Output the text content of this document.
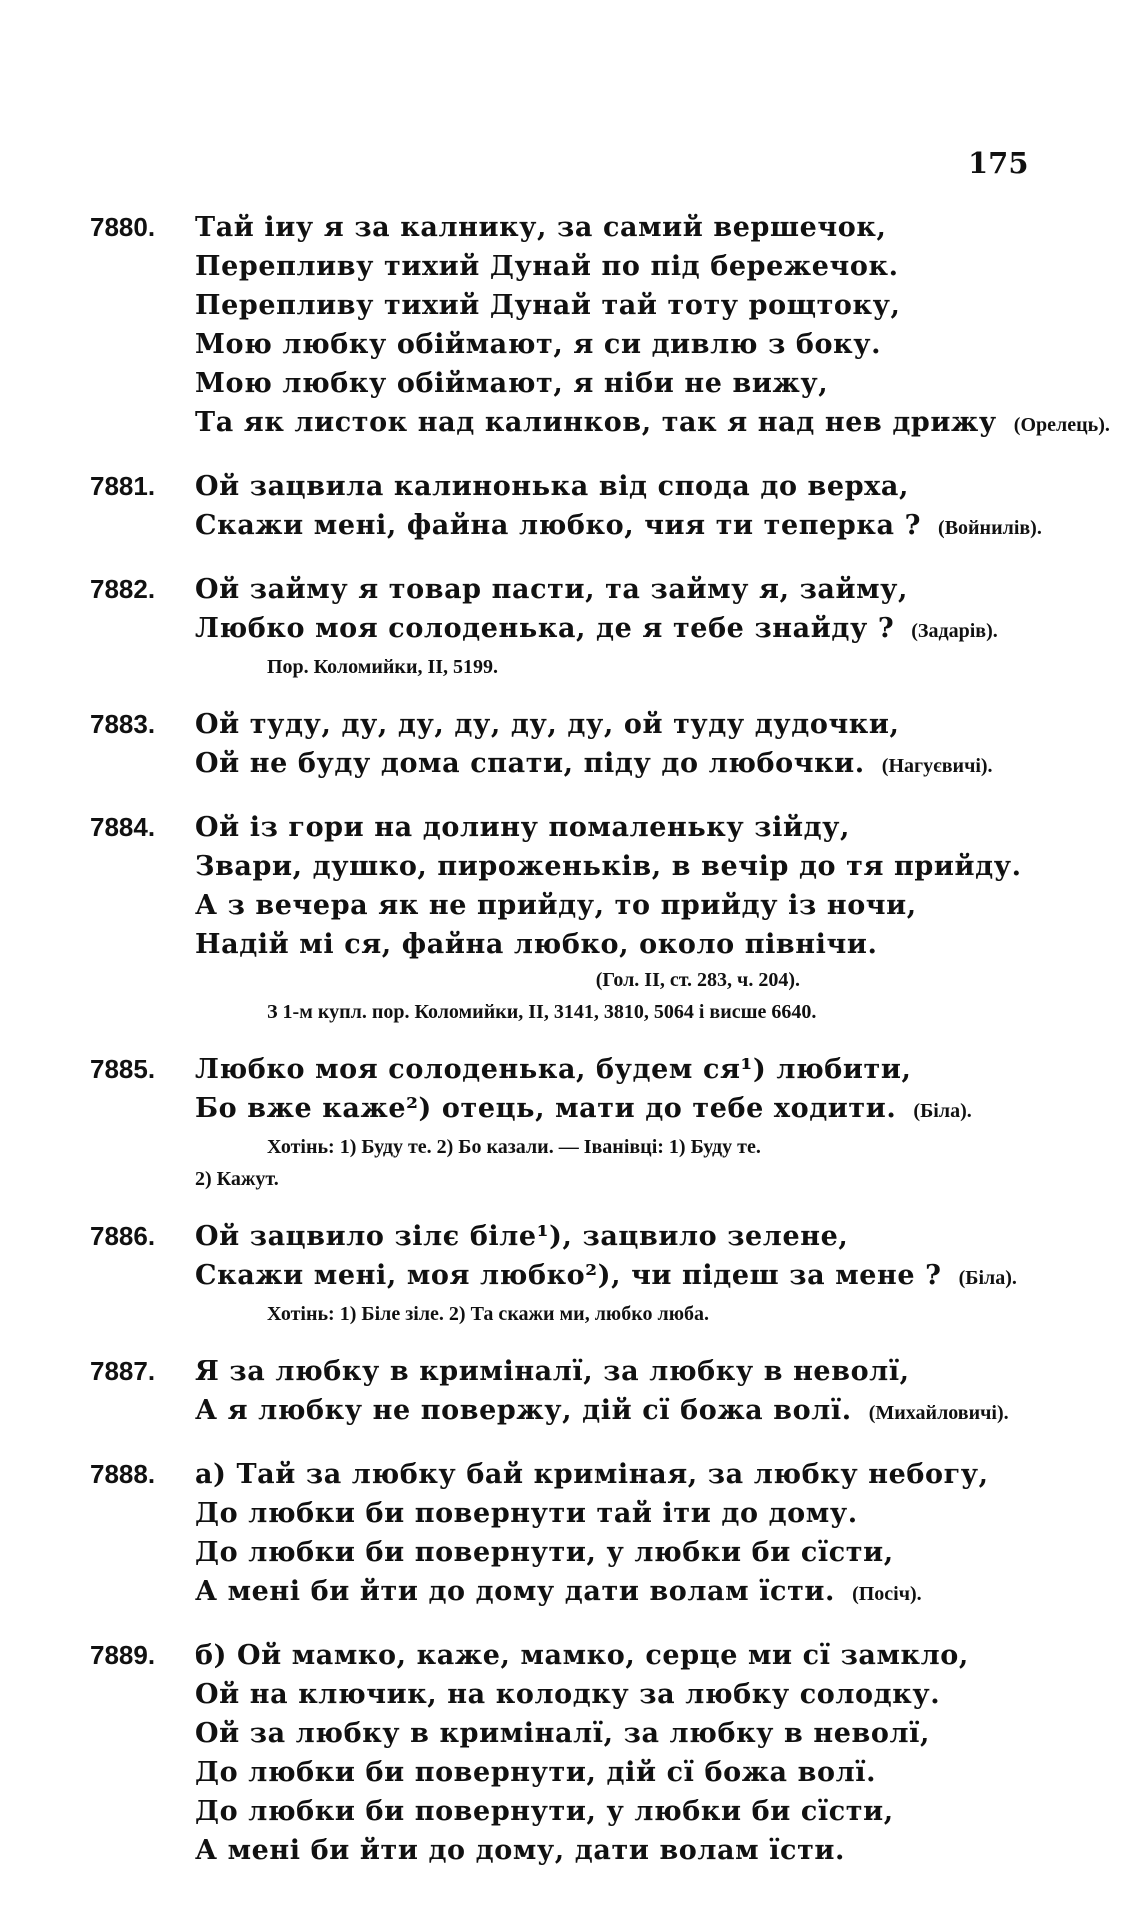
175
7880. Тай іиу я за калнику, за самий вершечок,
Перепливу тихий Дунай по під бережечок.
Перепливу тихий Дунай тай тоту рощтоку,
Мою любку обіймают, я си дивлю з боку.
Мою любку обіймают, я ніби не вижу,
Та як листок над калинков, так я над нев дрижу (Орелець).
7881. Ой зацвила калинонька від спода до верха,
Скажи мені, файна любко, чия ти теперка ? (Войнилів).
7882. Ой займу я товар пасти, та займу я, займу,
Любко моя солоденька, де я тебе знайду ? (Задарів).
Пор. Коломийки, II, 5199.
7883. Ой туду, ду, ду, ду, ду, ду, ой туду дудочки,
Ой не буду дома спати, піду до любочки. (Нагуєвичі).
7884. Ой із гори на долину помаленьку зійду,
Звари, душко, пироженьків, в вечір до тя прийду.
А з вечера як не прийду, то прийду із ночи,
Надій мі ся, файна любко, около північи.
(Гол. II, ст. 283, ч. 204).
З 1-м купл. пор. Коломийки, II, 3141, 3810, 5064 і висше 6640.
7885. Любко моя солоденька, будем ся¹) любити,
Бо вже каже²) отець, мати до тебе ходити. (Біла).
Хотінь: 1) Буду те. 2) Бо казали. — Іванівці: 1) Буду те.
2) Кажут.
7886. Ой зацвило зілє біле¹), зацвило зелене,
Скажи мені, моя любко²), чи підеш за мене ? (Біла).
Хотінь: 1) Біле зіле. 2) Та скажи ми, любко люба.
7887. Я за любку в криміналї, за любку в неволї,
А я любку не повержу, дій сї божа волї. (Михайловичі).
7888. а) Тай за любку бай криміная, за любку небогу,
До любки би повернути тай іти до дому.
До любки би повернути, у любки би сїсти,
А мені би йти до дому дати волам їсти. (Посіч).
7889. б) Ой мамко, каже, мамко, серце ми сї замкло,
Ой на ключик, на колодку за любку солодку.
Ой за любку в криміналї, за любку в неволї,
До любки би повернути, дій сї божа волї.
До любки би повернути, у любки би сїсти,
А мені би йти до дому, дати волам їсти.
